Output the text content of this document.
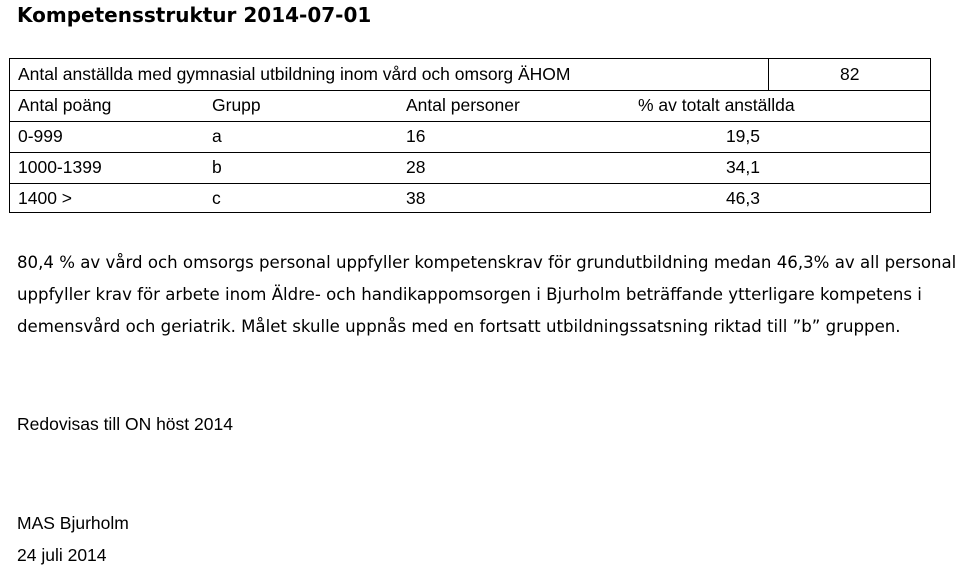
Kompetensstruktur 2014-07-01
Antal anställda med gymnasial utbildning inom vård och omsorg ÄHOM	82
Antal poäng	Grupp	Antal personer	% av totalt anställda
0-999	a	16	19,5
1000-1399	b	28	34,1
1400 >	c	38	46,3

80,4 % av vård och omsorgs personal uppfyller kompetenskrav för grundutbildning medan 46,3% av all personal uppfyller krav för arbete inom Äldre- och handikappomsorgen i Bjurholm beträffande ytterligare kompetens i demensvård och geriatrik. Målet skulle uppnås med en fortsatt utbildningssatsning riktad till ”b” gruppen.

Redovisas till ON höst 2014

MAS Bjurholm

24 juli 2014
